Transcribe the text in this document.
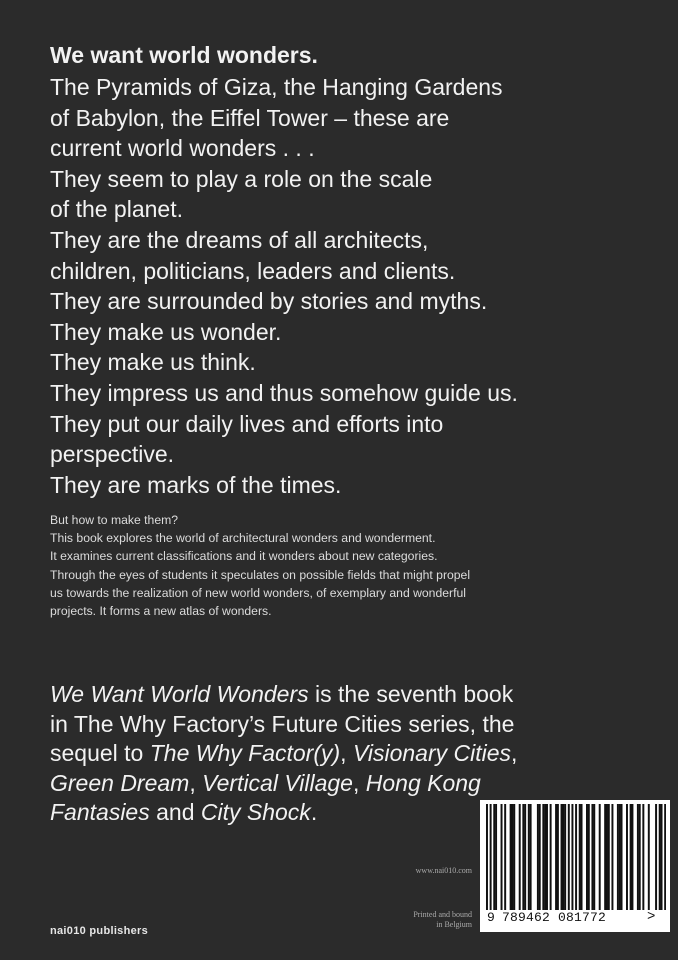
We want world wonders.
The Pyramids of Giza, the Hanging Gardens
of Babylon, the Eiffel Tower – these are
current world wonders . . .
They seem to play a role on the scale
of the planet.
They are the dreams of all architects,
children, politicians, leaders and clients.
They are surrounded by stories and myths.
They make us wonder.
They make us think.
They impress us and thus somehow guide us.
They put our daily lives and efforts into
perspective.
They are marks of the times.
But how to make them?
This book explores the world of architectural wonders and wonderment.
It examines current classifications and it wonders about new categories.
Through the eyes of students it speculates on possible fields that might propel
us towards the realization of new world wonders, of exemplary and wonderful
projects. It forms a new atlas of wonders.

We Want World Wonders is the seventh book

in The Why Factory’s Future Cities series, the

sequel to The Why Factor(y), Visionary Cities,

Green Dream, Vertical Village, Hong Kong

Fantasies and City Shock.

www.nai010.com
Printed and bound
in Belgium
nai010 publishers
9 789462 081772	>
